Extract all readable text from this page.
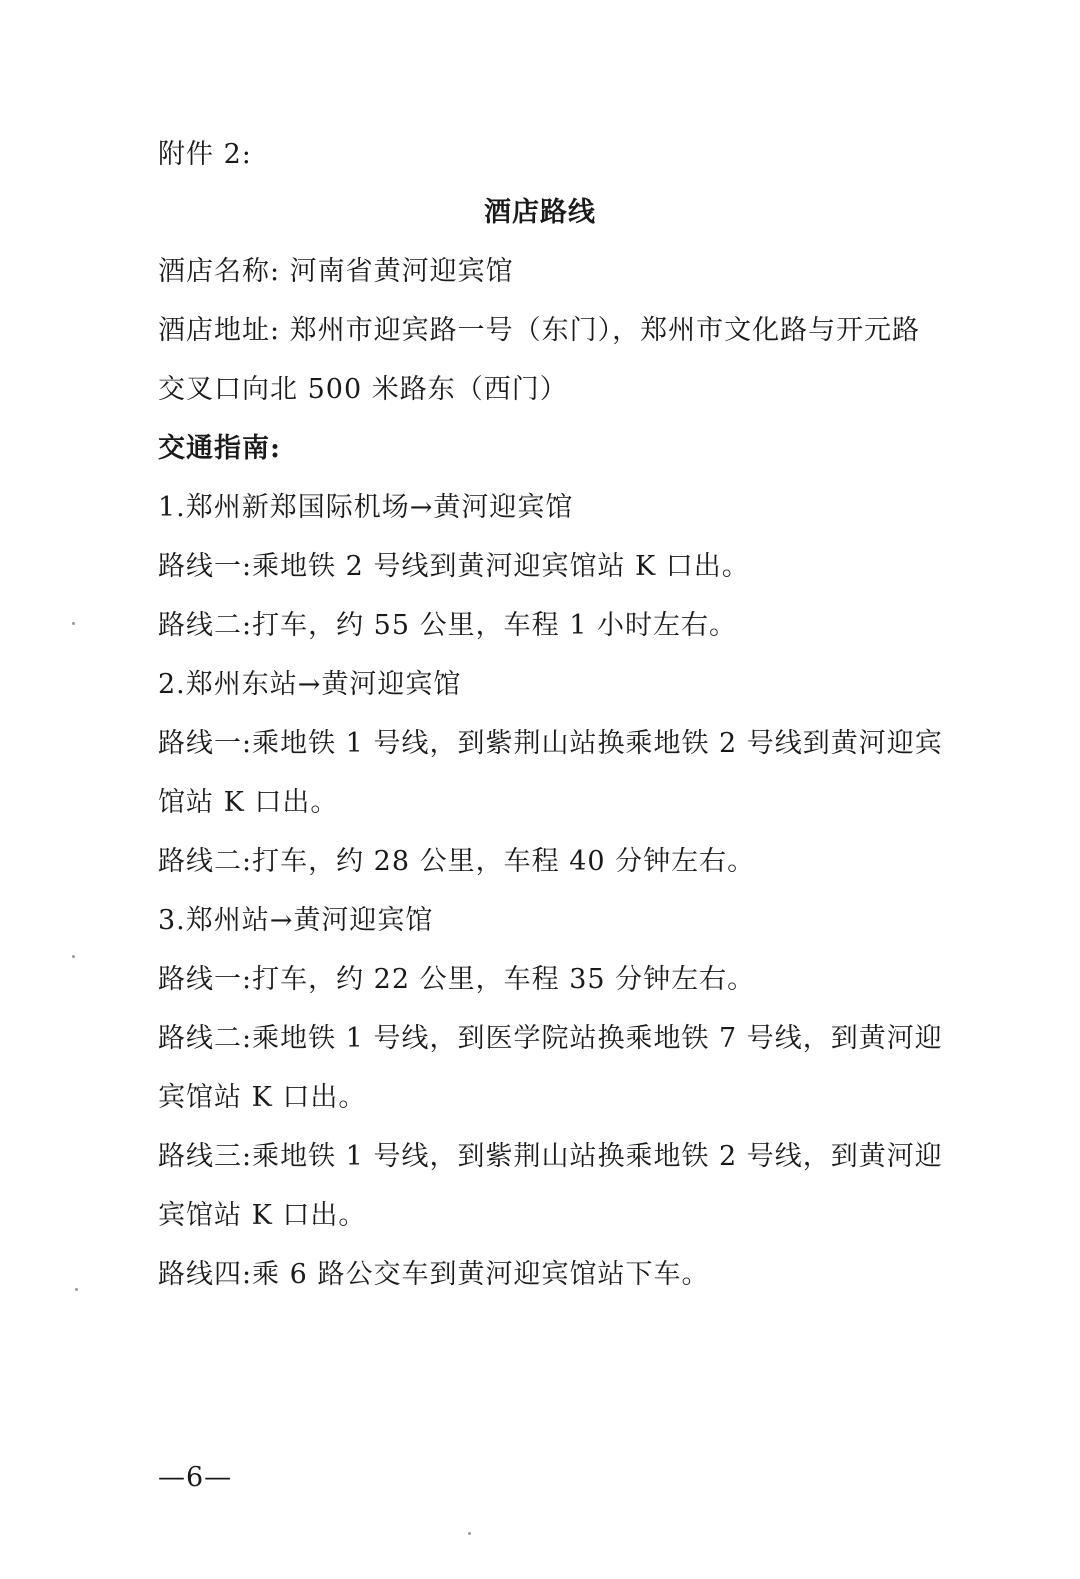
附件 2:
酒店路线
酒店名称: 河南省黄河迎宾馆
酒店地址: 郑州市迎宾路一号（东门），郑州市文化路与开元路
交叉口向北 500 米路东（西门）
交通指南:
1.郑州新郑国际机场→黄河迎宾馆
路线一:乘地铁 2 号线到黄河迎宾馆站 K 口出。
路线二:打车，约 55 公里，车程 1 小时左右。
2.郑州东站→黄河迎宾馆
路线一:乘地铁 1 号线，到紫荆山站换乘地铁 2 号线到黄河迎宾
馆站 K 口出。
路线二:打车，约 28 公里，车程 40 分钟左右。
3.郑州站→黄河迎宾馆
路线一:打车，约 22 公里，车程 35 分钟左右。
路线二:乘地铁 1 号线，到医学院站换乘地铁 7 号线，到黄河迎
宾馆站 K 口出。
路线三:乘地铁 1 号线，到紫荆山站换乘地铁 2 号线，到黄河迎
宾馆站 K 口出。
路线四:乘 6 路公交车到黄河迎宾馆站下车。
—6—
